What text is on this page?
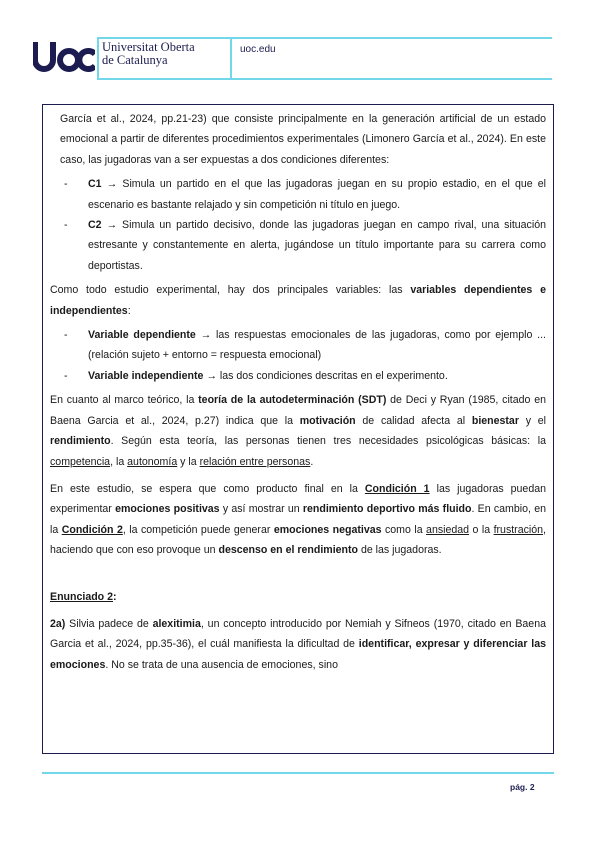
Universitat Oberta
de Catalunya
uoc.edu

García et al., 2024, pp.21-23) que consiste principalmente en la generación artificial de un estado emocional a partir de diferentes procedimientos experimentales (Limonero García et al., 2024). En este caso, las jugadoras van a ser expuestas a dos condiciones diferentes:

- C1 → Simula un partido en el que las jugadoras juegan en su propio estadio, en el que el escenario es bastante relajado y sin competición ni título en juego.
- C2 → Simula un partido decisivo, donde las jugadoras juegan en campo rival, una situación estresante y constantemente en alerta, jugándose un título importante para su carrera como deportistas.

Como todo estudio experimental, hay dos principales variables: las variables dependientes e independientes:

- Variable dependiente → las respuestas emocionales de las jugadoras, como por ejemplo ... (relación sujeto + entorno = respuesta emocional)
- Variable independiente → las dos condiciones descritas en el experimento.

En cuanto al marco teórico, la teoría de la autodeterminación (SDT) de Deci y Ryan (1985, citado en Baena Garcia et al., 2024, p.27) indica que la motivación de calidad afecta al bienestar y el rendimiento. Según esta teoría, las personas tienen tres necesidades psicológicas básicas: la competencia, la autonomía y la relación entre personas.

En este estudio, se espera que como producto final en la Condición 1 las jugadoras puedan experimentar emociones positivas y así mostrar un rendimiento deportivo más fluido. En cambio, en la Condición 2, la competición puede generar emociones negativas como la ansiedad o la frustración, haciendo que con eso provoque un descenso en el rendimiento de las jugadoras.

Enunciado 2:

2a) Silvia padece de alexitimia, un concepto introducido por Nemiah y Sifneos (1970, citado en Baena Garcia et al., 2024, pp.35-36), el cuál manifiesta la dificultad de identificar, expresar y diferenciar las emociones. No se trata de una ausencia de emociones, sino

pág. 2
